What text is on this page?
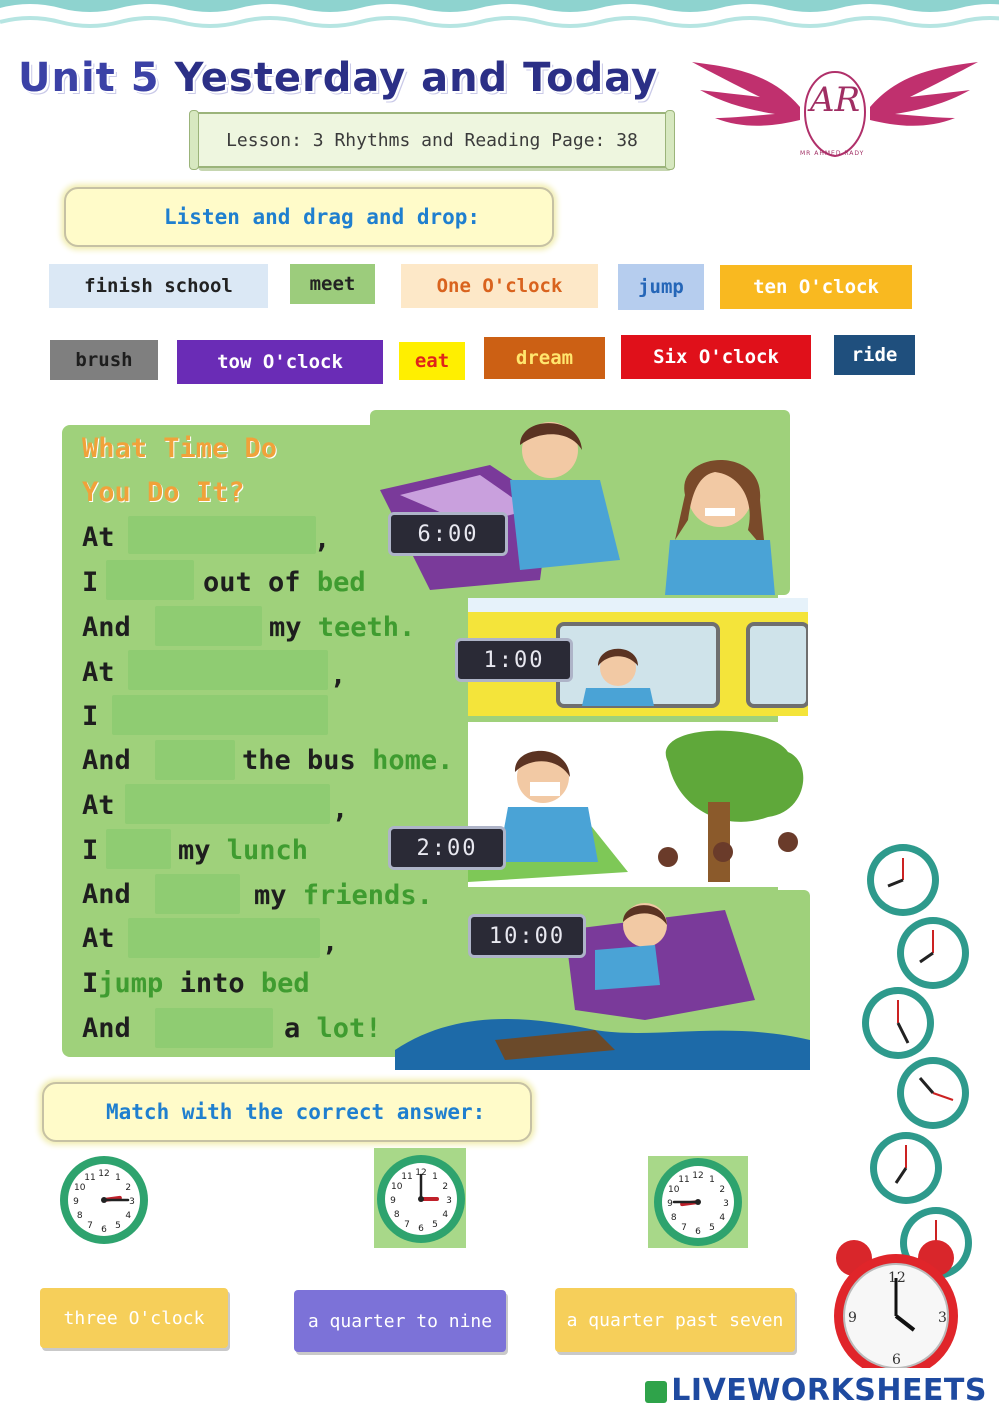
Unit 5 Yesterday and Today
Lesson: 3 Rhythms and Reading Page: 38
AR
MR AHMED RADY
Listen and drag and drop:
finish school	meet	One O'clock	jump	ten O'clock
brush	tow O'clock	eat	dream	Six O'clock	ride
What Time Do
You Do It?
At	,
I	out of bed
And	my teeth.
At	,
I
And	the bus home.
At	,
I	my lunch
And	my friends.
At	,
Ijump into bed
And	a lot!
6:00
1:00
2:00
10:00
Match with the correct answer:
1
2
3
4
5
6
7
8
9
10
11 12	1
2
3
4
5
6
7
8
9
10
11 12
1
2
3
4
5
6
7
8
9
10
11 12
three O'clock	a quarter to nine	a quarter past seven
12
3
6
9
LIVEWORKSHEETS
